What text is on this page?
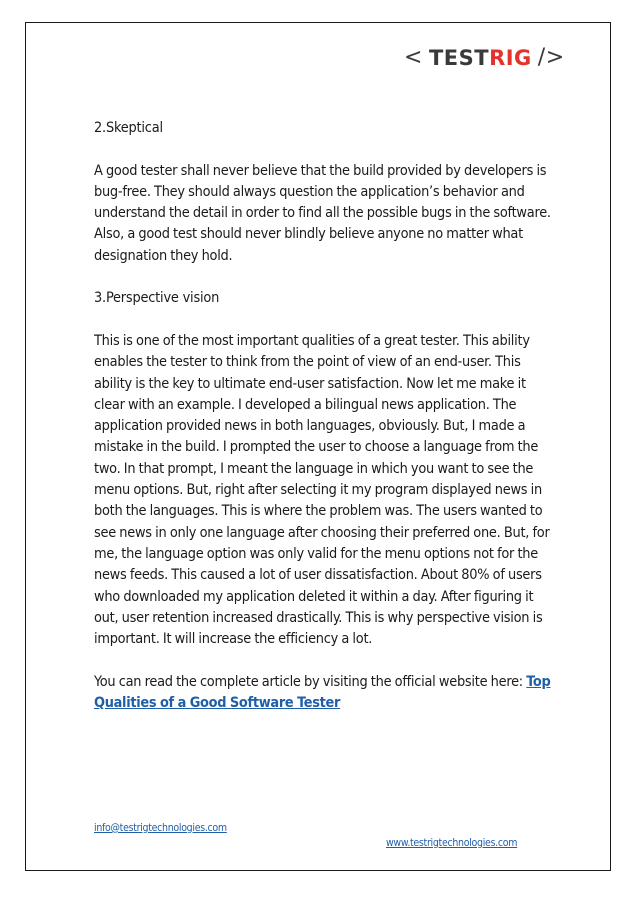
< TEST RIG />

2.Skeptical

A good tester shall never believe that the build provided by developers is bug-free. They should always question the application’s behavior and understand the detail in order to find all the possible bugs in the software. Also, a good test should never blindly believe anyone no matter what designation they hold.

3.Perspective vision

This is one of the most important qualities of a great tester. This ability enables the tester to think from the point of view of an end-user. This ability is the key to ultimate end-user satisfaction. Now let me make it clear with an example. I developed a bilingual news application. The application provided news in both languages, obviously. But, I made a mistake in the build. I prompted the user to choose a language from the two. In that prompt, I meant the language in which you want to see the menu options. But, right after selecting it my program displayed news in both the languages. This is where the problem was. The users wanted to see news in only one language after choosing their preferred one. But, for me, the language option was only valid for the menu options not for the news feeds. This caused a lot of user dissatisfaction. About 80% of users who downloaded my application deleted it within a day. After figuring it out, user retention increased drastically. This is why perspective vision is important. It will increase the efficiency a lot.

You can read the complete article by visiting the official website here: Top Qualities of a Good Software Tester

info@testrigtechnologies.com
www.testrigtechnologies.com
